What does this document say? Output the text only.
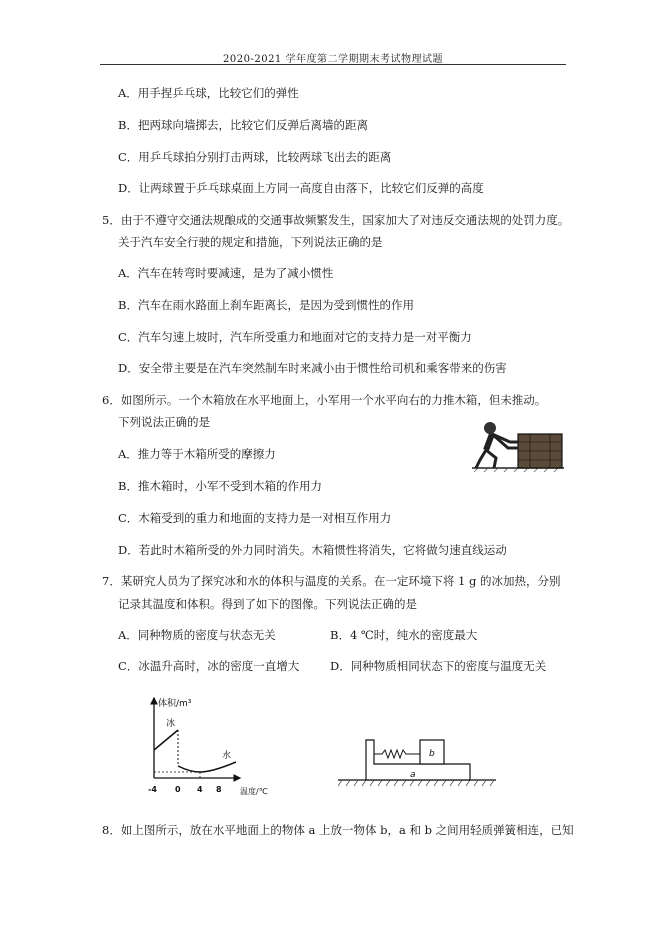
2020-2021 学年度第二学期期末考试物理试题
A．用手捏乒乓球，比较它们的弹性
B．把两球向墙掷去，比较它们反弹后离墙的距离
C．用乒乓球拍分别打击两球，比较两球飞出去的距离
D．让两球置于乒乓球桌面上方同一高度自由落下，比较它们反弹的高度
5．由于不遵守交通法规酿成的交通事故频繁发生，国家加大了对违反交通法规的处罚力度。
关于汽车安全行驶的规定和措施，下列说法正确的是
A．汽车在转弯时要减速，是为了减小惯性
B．汽车在雨水路面上刹车距离长，是因为受到惯性的作用
C．汽车匀速上坡时，汽车所受重力和地面对它的支持力是一对平衡力
D．安全带主要是在汽车突然制车时来减小由于惯性给司机和乘客带来的伤害
6．如图所示。一个木箱放在水平地面上，小军用一个水平向右的力推木箱，但未推动。
下列说法正确的是
A．推力等于木箱所受的摩擦力
B．推木箱时，小军不受到木箱的作用力
C．木箱受到的重力和地面的支持力是一对相互作用力
D．若此时木箱所受的外力同时消失。木箱惯性将消失，它将做匀速直线运动
7．某研究人员为了探究冰和水的体积与温度的关系。在一定环境下将 1 g 的冰加热，分别
记录其温度和体积。得到了如下的图像。下列说法正确的是
A．同种物质的密度与状态无关	B．4 ℃时，纯水的密度最大
C．冰温升高时，冰的密度一直增大	D．同种物质相同状态下的密度与温度无关
体积/m³
温度/℃
冰
水
-4 0 4 8
a
b
8．如上图所示，放在水平地面上的物体 a 上放一物体 b，a 和 b 之间用轻质弹簧相连，已知
